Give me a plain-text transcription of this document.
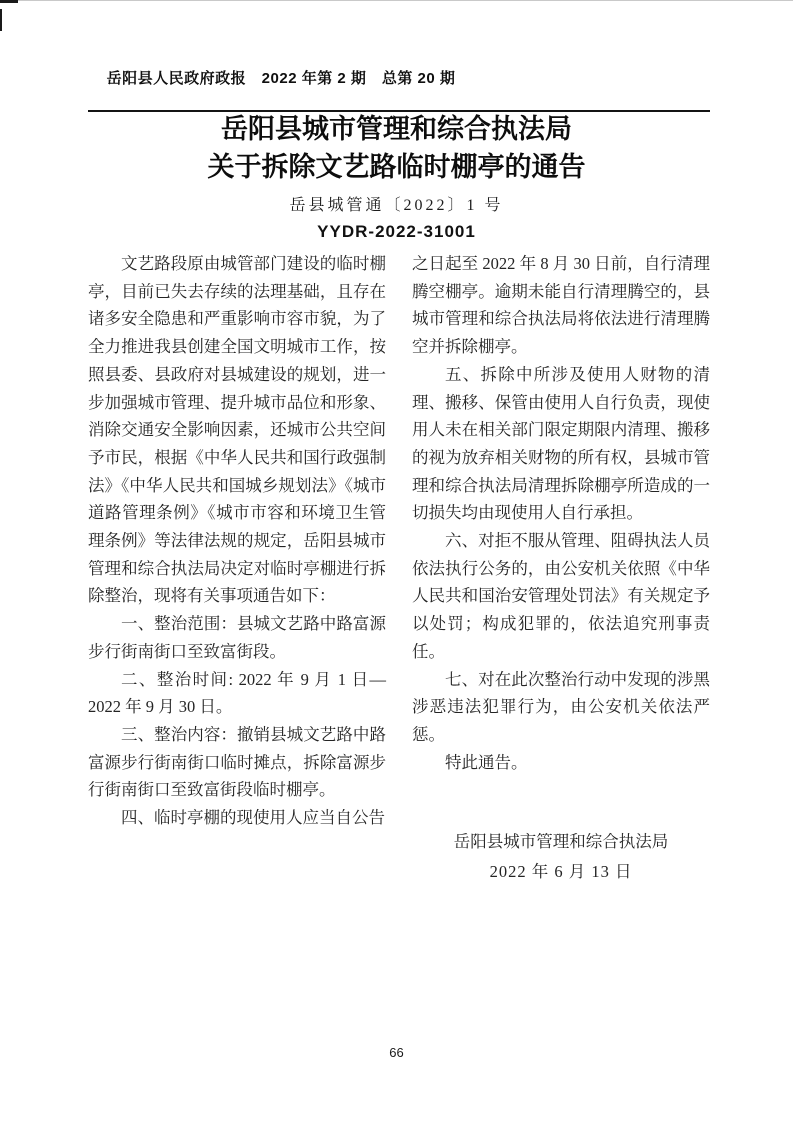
岳阳县人民政府政报　2022 年第 2 期　总第 20 期

岳阳县城市管理和综合执法局
关于拆除文艺路临时棚亭的通告
岳县城管通〔2022〕1 号
YYDR-2022-31001

文艺路段原由城管部门建设的临时棚亭，目前已失去存续的法理基础，且存在诸多安全隐患和严重影响市容市貌，为了全力推进我县创建全国文明城市工作，按照县委、县政府对县城建设的规划，进一步加强城市管理、提升城市品位和形象、消除交通安全影响因素，还城市公共空间予市民，根据《中华人民共和国行政强制法》《中华人民共和国城乡规划法》《城市道路管理条例》《城市市容和环境卫生管理条例》等法律法规的规定，岳阳县城市管理和综合执法局决定对临时亭棚进行拆除整治，现将有关事项通告如下：

一、整治范围：县城文艺路中路富源步行街南街口至致富街段。

二、整治时间: 2022 年 9 月 1 日—2022 年 9 月 30 日。

三、整治内容：撤销县城文艺路中路富源步行街南街口临时摊点，拆除富源步行街南街口至致富街段临时棚亭。

四、临时亭棚的现使用人应当自公告

之日起至 2022 年 8 月 30 日前，自行清理腾空棚亭。逾期未能自行清理腾空的，县城市管理和综合执法局将依法进行清理腾空并拆除棚亭。

五、拆除中所涉及使用人财物的清理、搬移、保管由使用人自行负责，现使用人未在相关部门限定期限内清理、搬移的视为放弃相关财物的所有权，县城市管理和综合执法局清理拆除棚亭所造成的一切损失均由现使用人自行承担。

六、对拒不服从管理、阻碍执法人员依法执行公务的，由公安机关依照《中华人民共和国治安管理处罚法》有关规定予以处罚；构成犯罪的，依法追究刑事责任。

七、对在此次整治行动中发现的涉黑涉恶违法犯罪行为，由公安机关依法严惩。

特此通告。

岳阳县城市管理和综合执法局
2022 年 6 月 13 日
66
